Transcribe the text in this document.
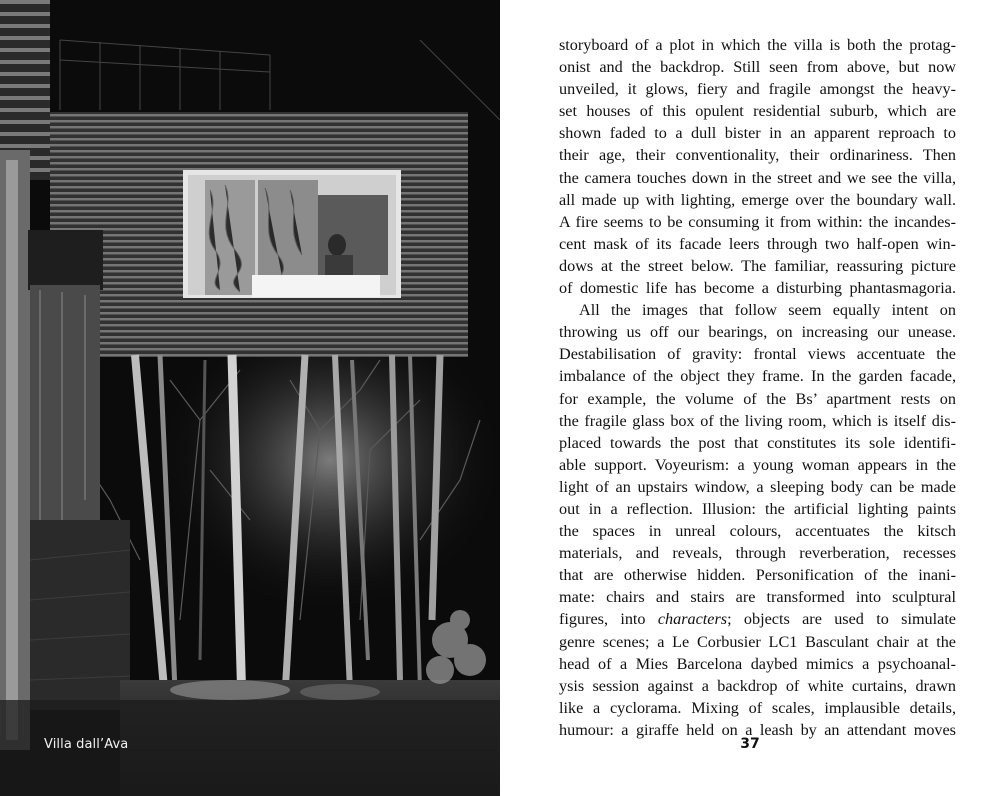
Villa dall’Ava
storyboard of a plot in which the villa is both the protag-
onist and the backdrop. Still seen from above, but now
unveiled, it glows, fiery and fragile amongst the heavy-
set houses of this opulent residential suburb, which are
shown faded to a dull bister in an apparent reproach to
their age, their conventionality, their ordinariness. Then
the camera touches down in the street and we see the villa,
all made up with lighting, emerge over the boundary wall.
A fire seems to be consuming it from within: the incandes-
cent mask of its facade leers through two half-open win-
dows at the street below. The familiar, reassuring picture
of domestic life has become a disturbing phantasmagoria.
All the images that follow seem equally intent on
throwing us off our bearings, on increasing our unease.
Destabilisation of gravity: frontal views accentuate the
imbalance of the object they frame. In the garden facade,
for example, the volume of the Bs’ apartment rests on
the fragile glass box of the living room, which is itself dis-
placed towards the post that constitutes its sole identifi-
able support. Voyeurism: a young woman appears in the
light of an upstairs window, a sleeping body can be made
out in a reflection. Illusion: the artificial lighting paints
the spaces in unreal colours, accentuates the kitsch
materials, and reveals, through reverberation, recesses
that are otherwise hidden. Personification of the inani-
mate: chairs and stairs are transformed into sculptural
figures, into characters; objects are used to simulate
genre scenes; a Le Corbusier LC1 Basculant chair at the
head of a Mies Barcelona daybed mimics a psychoanal-
ysis session against a backdrop of white curtains, drawn
like a cyclorama. Mixing of scales, implausible details,
humour: a giraffe held on a leash by an attendant moves
37
